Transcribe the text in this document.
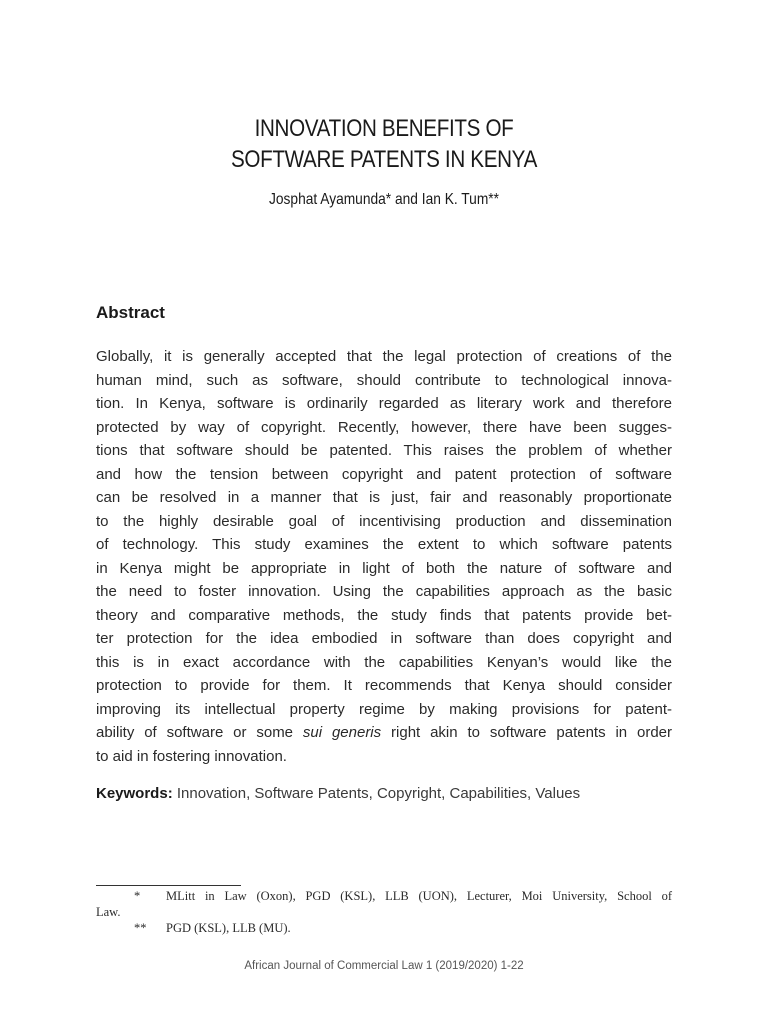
INNOVATION BENEFITS OF
SOFTWARE PATENTS IN KENYA
Josphat Ayamunda* and Ian K. Tum**
Abstract
Globally, it is generally accepted that the legal protection of creations of the
human mind, such as software, should contribute to technological innova-
tion. In Kenya, software is ordinarily regarded as literary work and therefore
protected by way of copyright. Recently, however, there have been sugges-
tions that software should be patented. This raises the problem of whether
and how the tension between copyright and patent protection of software
can be resolved in a manner that is just, fair and reasonably proportionate
to the highly desirable goal of incentivising production and dissemination
of technology. This study examines the extent to which software patents
in Kenya might be appropriate in light of both the nature of software and
the need to foster innovation. Using the capabilities approach as the basic
theory and comparative methods, the study finds that patents provide bet-
ter protection for the idea embodied in software than does copyright and
this is in exact accordance with the capabilities Kenyan’s would like the
protection to provide for them. It recommends that Kenya should consider
improving its intellectual property regime by making provisions for patent-
ability of software or some sui generis right akin to software patents in order
to aid in fostering innovation.
Keywords: Innovation, Software Patents, Copyright, Capabilities, Values
*	MLitt in Law (Oxon), PGD (KSL), LLB (UON), Lecturer, Moi University, School of
Law.
** PGD (KSL), LLB (MU).
African Journal of Commercial Law 1 (2019/2020) 1-22
